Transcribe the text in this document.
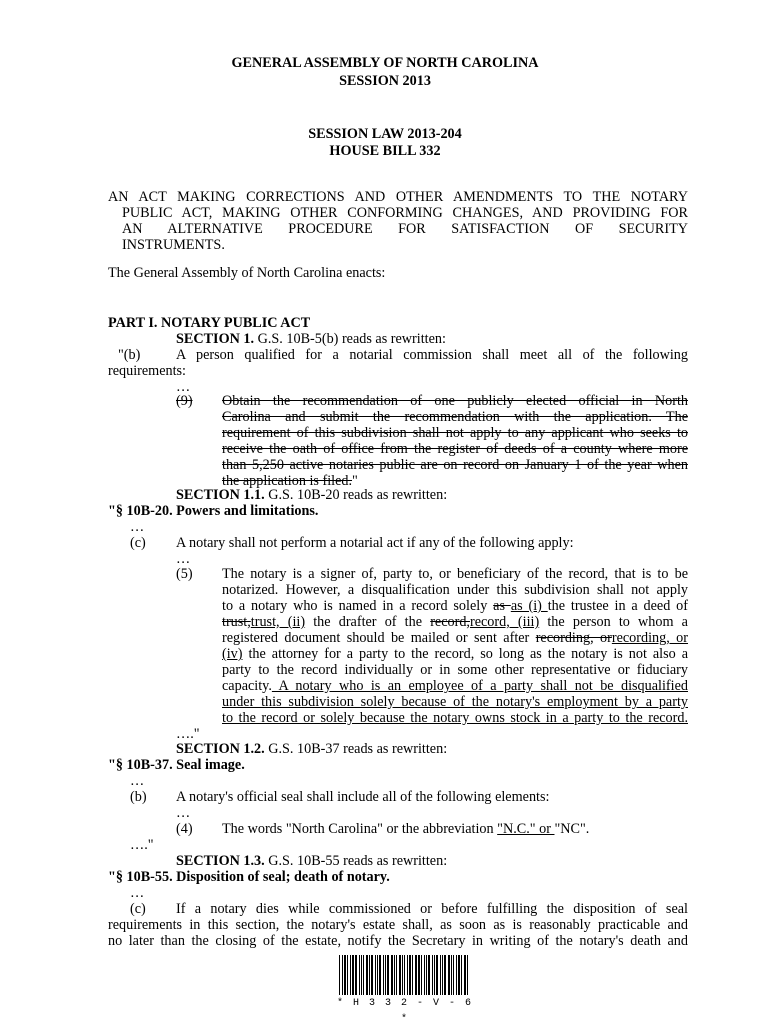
GENERAL ASSEMBLY OF NORTH CAROLINA
SESSION 2013
SESSION LAW 2013-204
HOUSE BILL 332
AN ACT MAKING CORRECTIONS AND OTHER AMENDMENTS TO THE NOTARY
PUBLIC ACT, MAKING OTHER CONFORMING CHANGES, AND PROVIDING FOR
AN ALTERNATIVE PROCEDURE FOR SATISFACTION OF SECURITY
INSTRUMENTS.
The General Assembly of North Carolina enacts:
PART I. NOTARY PUBLIC ACT
SECTION 1. G.S. 10B-5(b) reads as rewritten:
"(b)	A person qualified for a notarial commission shall meet all of the following
requirements:
…
(9) Obtain the recommendation of one publicly elected official in North
Carolina and submit the recommendation with the application. The
requirement of this subdivision shall not apply to any applicant who seeks to
receive the oath of office from the register of deeds of a county where more
than 5,250 active notaries public are on record on January 1 of the year when
the application is filed."
SECTION 1.1. G.S. 10B-20 reads as rewritten:
"§ 10B-20. Powers and limitations.
…
(c) A notary shall not perform a notarial act if any of the following apply:
…
(5) The notary is a signer of, party to, or beneficiary of the record, that is to be
notarized. However, a disqualification under this subdivision shall not apply
to a notary who is named in a record solely as as (i) the trustee in a deed of
trust,trust, (ii) the drafter of the record,record, (iii) the person to whom a
registered document should be mailed or sent after recording, orrecording, or
(iv) the attorney for a party to the record, so long as the notary is not also a
party to the record individually or in some other representative or fiduciary
capacity. A notary who is an employee of a party shall not be disqualified
under this subdivision solely because of the notary's employment by a party
to the record or solely because the notary owns stock in a party to the record.
…."
SECTION 1.2. G.S. 10B-37 reads as rewritten:
"§ 10B-37. Seal image.
…
(b) A notary's official seal shall include all of the following elements:
…
(4) The words "North Carolina" or the abbreviation "N.C." or "NC".
…."
SECTION 1.3. G.S. 10B-55 reads as rewritten:
"§ 10B-55. Disposition of seal; death of notary.
…
(c) If a notary dies while commissioned or before fulfilling the disposition of seal
requirements in this section, the notary's estate shall, as soon as is reasonably practicable and
no later than the closing of the estate, notify the Secretary in writing of the notary's death and
* H 3 3 2 - V - 6 *
